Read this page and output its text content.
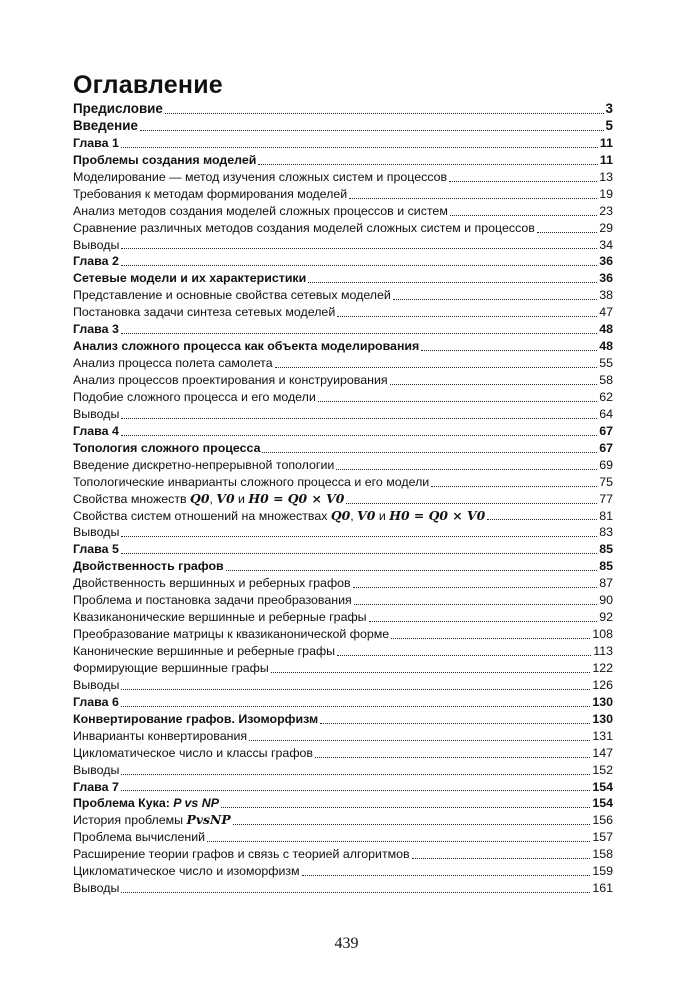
Оглавление
Предисловие	3
Введение	5
Глава 1	11
Проблемы создания моделей	11
Моделирование — метод изучения сложных систем и процессов	13
Требования к методам формирования моделей	19
Анализ методов создания моделей сложных процессов и систем	23
Сравнение различных методов создания моделей сложных систем и процессов	29
Выводы	34
Глава 2	36
Сетевые модели и их характеристики	36
Представление и основные свойства сетевых моделей	38
Постановка задачи синтеза сетевых моделей	47
Глава 3	48
Анализ сложного процесса как объекта моделирования	48
Анализ процесса полета самолета	55
Анализ процессов проектирования и конструирования	58
Подобие сложного процесса и его модели	62
Выводы	64
Глава 4	67
Топология сложного процесса	67
Введение дискретно-непрерывной топологии	69
Топологические инварианты сложного процесса и его модели	75
Свойства множеств Q0, V0 и H0 = Q0 × V0	77
Свойства систем отношений на множествах Q0, V0 и H0 = Q0 × V0	81
Выводы	83
Глава 5	85
Двойственность графов	85
Двойственность вершинных и реберных графов	87
Проблема и постановка задачи преобразования	90
Квазиканонические вершинные и реберные графы	92
Преобразование матрицы к квазиканонической форме	108
Канонические вершинные и реберные графы	113
Формирующие вершинные графы	122
Выводы	126
Глава 6	130
Конвертирование графов. Изоморфизм	130
Инварианты конвертирования	131
Цикломатическое число и классы графов	147
Выводы	152
Глава 7	154
Проблема Кука: P vs NP	154
История проблемы PvsNP	156
Проблема вычислений	157
Расширение теории графов и связь с теорией алгоритмов	158
Цикломатическое число и изоморфизм	159
Выводы	161
439
